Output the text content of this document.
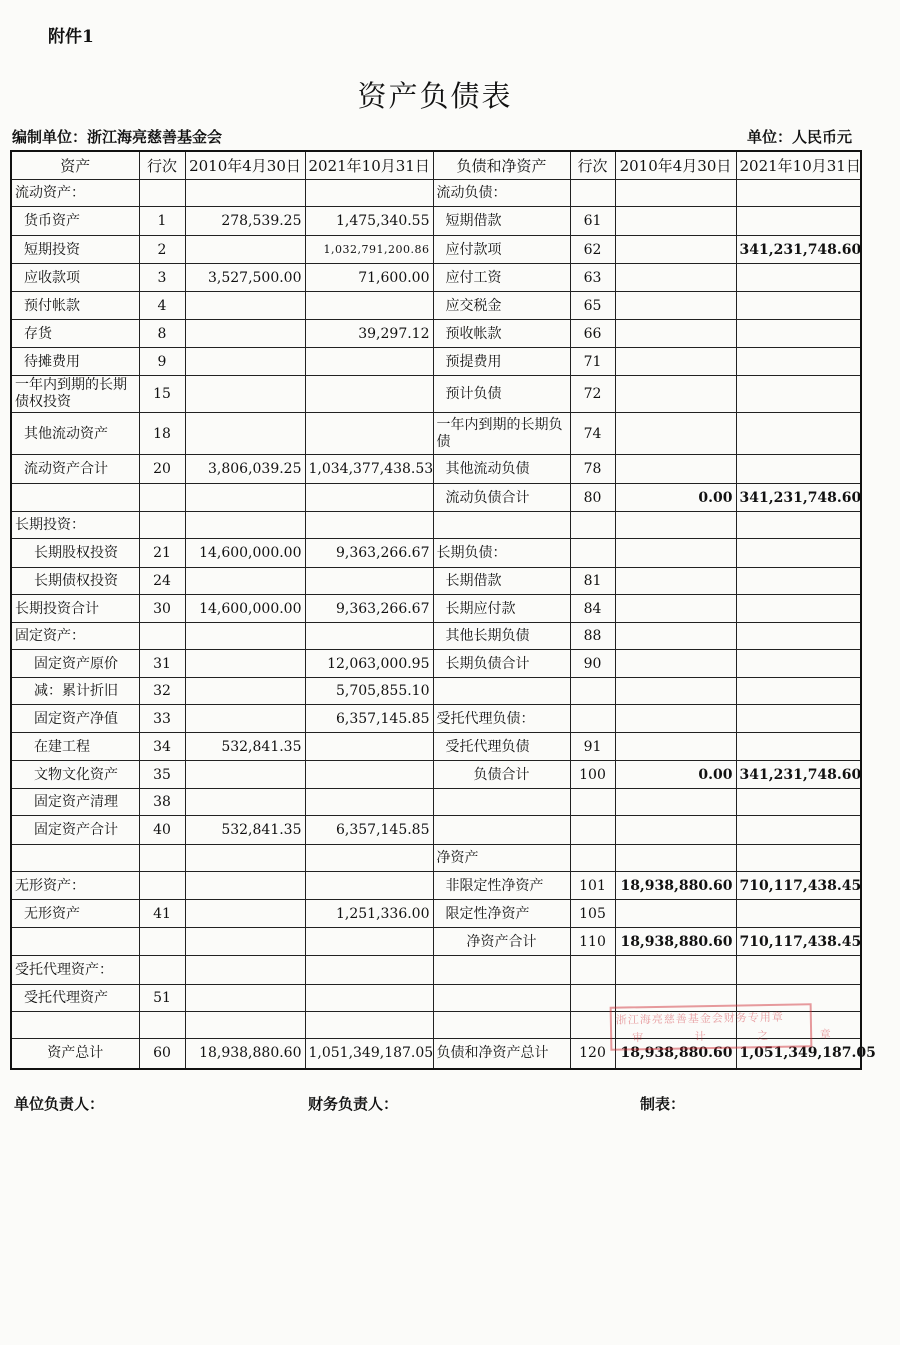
附件1
资产负债表
编制单位：浙江海亮慈善基金会	单位：人民币元
资产	行次	2010年4月30日	2021年10月31日	负债和净资产	行次	2010年4月30日	2021年10月31日
流动资产：				流动负债：			
货币资产	1	278,539.25	1,475,340.55	短期借款	61		
短期投资	2		1,032,791,200.86	应付款项	62		341,231,748.60
应收款项	3	3,527,500.00	71,600.00	应付工资	63		
预付帐款	4			应交税金	65		
存货	8		39,297.12	预收帐款	66		
待摊费用	9			预提费用	71		
一年内到期的长期债权投资	15			预计负债	72		
其他流动资产	18			一年内到期的长期负债	74		
流动资产合计	20	3,806,039.25	1,034,377,438.53	其他流动负债	78		
				流动负债合计	80	0.00	341,231,748.60
长期投资：							
长期股权投资	21	14,600,000.00	9,363,266.67	长期负债：			
长期债权投资	24			长期借款	81		
长期投资合计	30	14,600,000.00	9,363,266.67	长期应付款	84		
固定资产：				其他长期负债	88		
固定资产原价	31		12,063,000.95	长期负债合计	90		
减：累计折旧	32		5,705,855.10				
固定资产净值	33		6,357,145.85	受托代理负债：			
在建工程	34	532,841.35		受托代理负债	91		
文物文化资产	35			负债合计	100	0.00	341,231,748.60
固定资产清理	38						
固定资产合计	40	532,841.35	6,357,145.85				
				净资产			
无形资产：				非限定性净资产	101	18,938,880.60	710,117,438.45
无形资产	41		1,251,336.00	限定性净资产	105		
				净资产合计	110	18,938,880.60	710,117,438.45
受托代理资产：							
受托代理资产	51						

资产总计	60	18,938,880.60	1,051,349,187.05	负债和净资产总计	120	18,938,880.60	1,051,349,187.05
浙江海亮慈善基金会财务专用章
审 计 之 章
单位负责人：	财务负责人：	制表：
